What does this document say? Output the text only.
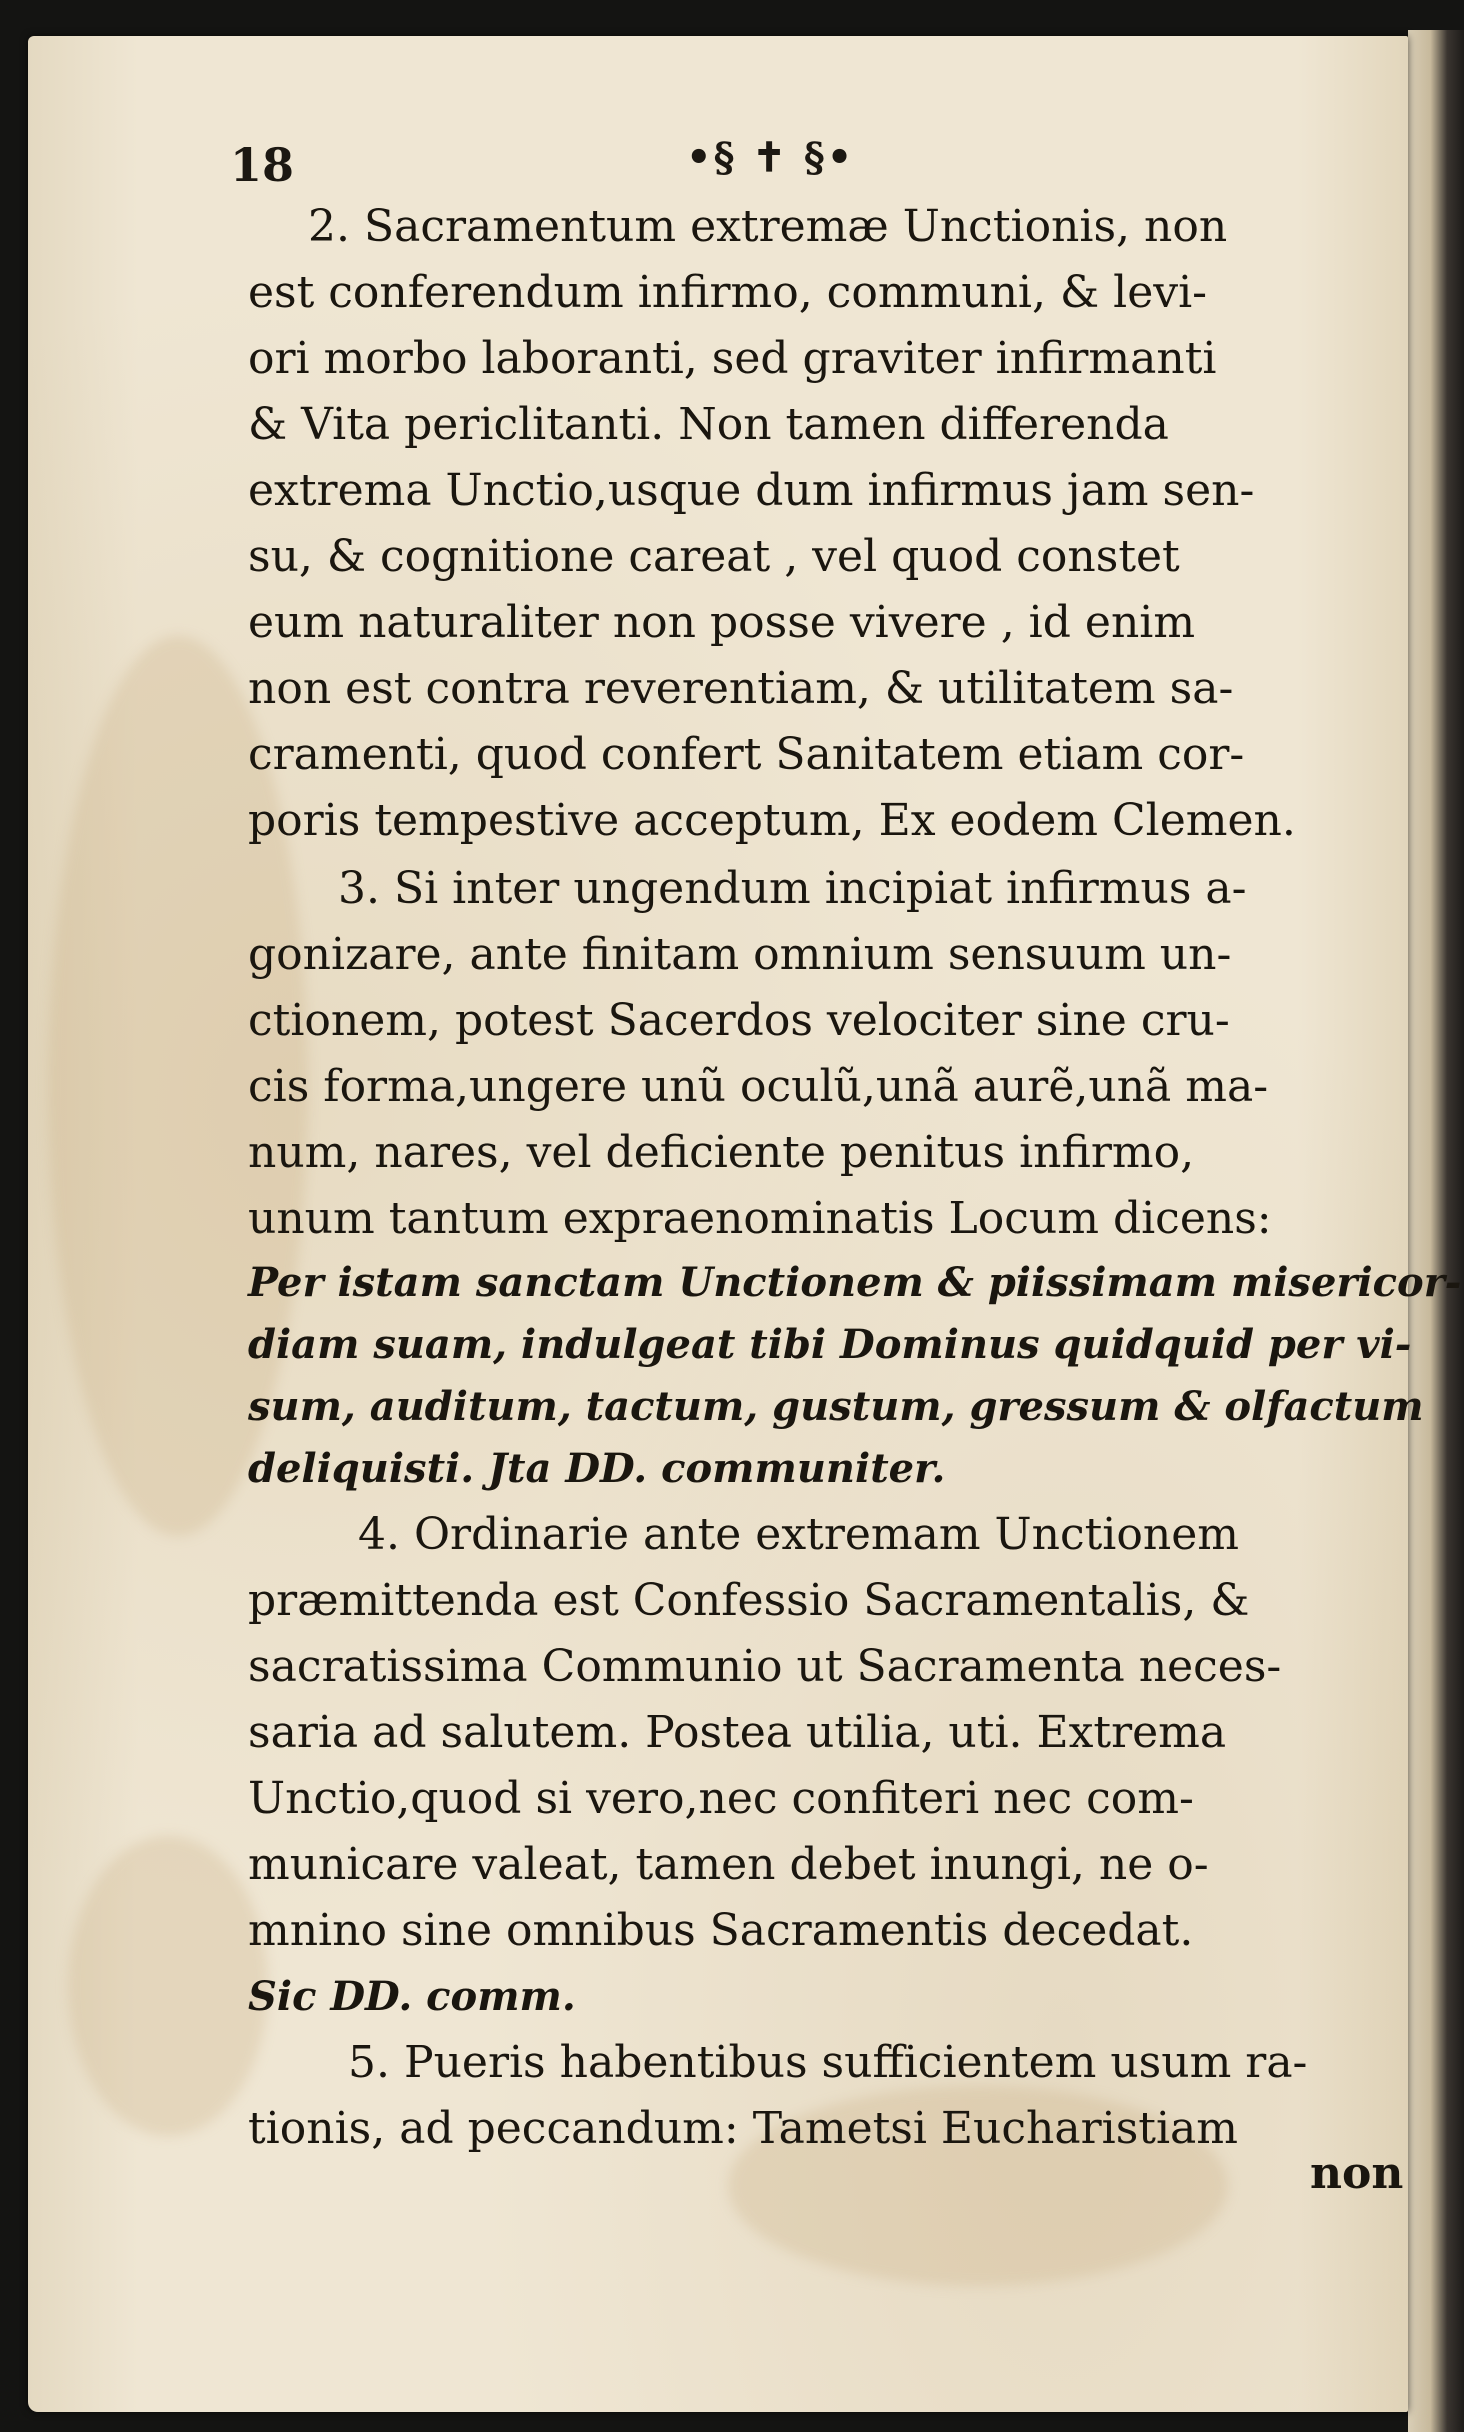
18	•§ ✝ §•
2. Sacramentum extremæ Unctionis, non
est conferendum infirmo, communi, & levi-
ori morbo laboranti, sed graviter infirmanti
& Vita periclitanti. Non tamen differenda
extrema Unctio,usque dum infirmus jam sen-
su, & cognitione careat , vel quod constet
eum naturaliter non posse vivere , id enim
non est contra reverentiam, & utilitatem sa-
cramenti, quod confert Sanitatem etiam cor-
poris tempestive acceptum, Ex eodem Clemen.
3. Si inter ungendum incipiat infirmus a-
gonizare, ante finitam omnium sensuum un-
ctionem, potest Sacerdos velociter sine cru-
cis forma,ungere unũ oculũ,unã aurẽ,unã ma-
num, nares, vel deficiente penitus infirmo,
unum tantum expraenominatis Locum dicens:
Per istam sanctam Unctionem & piissimam misericor-
diam suam, indulgeat tibi Dominus quidquid per vi-
sum, auditum, tactum, gustum, gressum & olfactum
deliquisti. Jta DD. communiter.
4. Ordinarie ante extremam Unctionem
præmittenda est Confessio Sacramentalis, &
sacratissima Communio ut Sacramenta neces-
saria ad salutem. Postea utilia, uti. Extrema
Unctio,quod si vero,nec confiteri nec com-
municare valeat, tamen debet inungi, ne o-
mnino sine omnibus Sacramentis decedat.
Sic DD. comm.
5. Pueris habentibus sufficientem usum ra-
tionis, ad peccandum: Tametsi Eucharistiam
non
